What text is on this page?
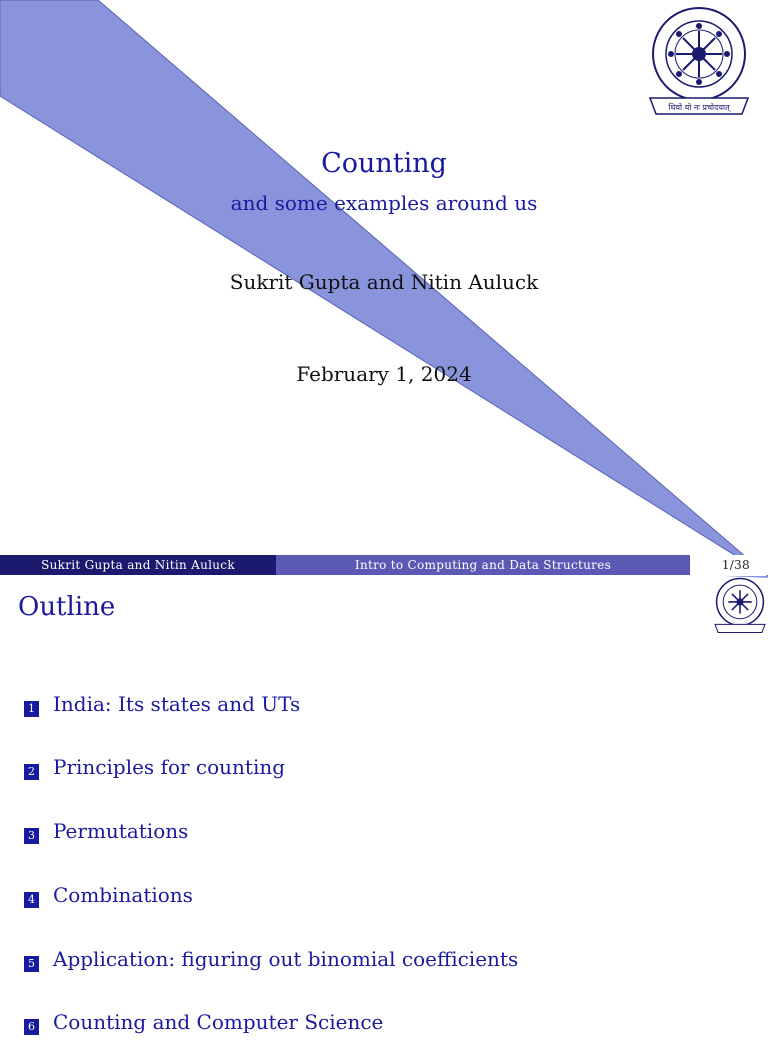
Counting
and some examples around us
Sukrit Gupta and Nitin Auluck
February 1, 2024
धियो यो नः प्रचोदयात्
Sukrit Gupta and Nitin Auluck	Intro to Computing and Data Structures	1/38
Outline
1 India: Its states and UTs
2 Principles for counting
3 Permutations
4 Combinations
5 Application: figuring out binomial coefficients
6 Counting and Computer Science
